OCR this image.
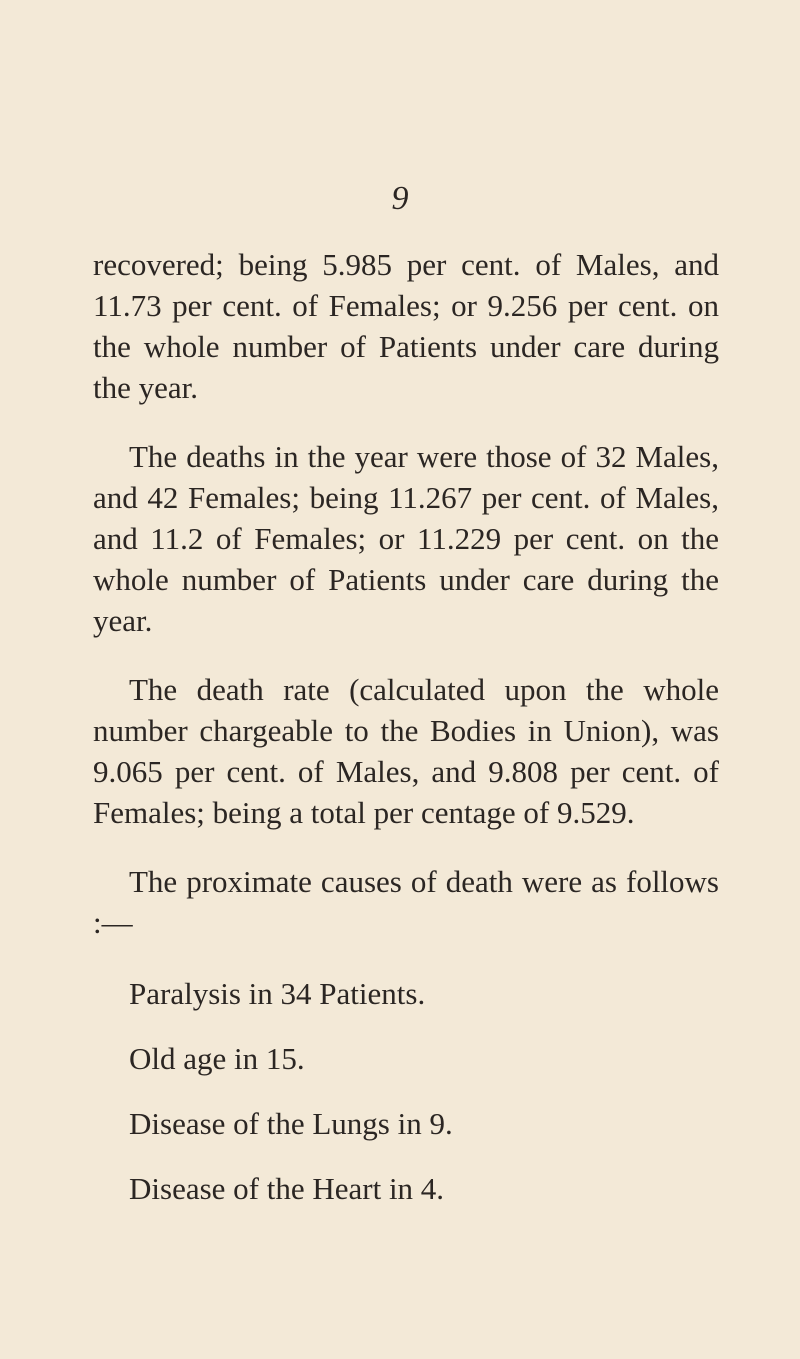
9

recovered; being 5.985 per cent. of Males, and 11.73 per cent. of Females; or 9.256 per cent. on the whole number of Patients under care during the year.

The deaths in the year were those of 32 Males, and 42 Females; being 11.267 per cent. of Males, and 11.2 of Females; or 11.229 per cent. on the whole number of Patients under care during the year.

The death rate (calculated upon the whole number chargeable to the Bodies in Union), was 9.065 per cent. of Males, and 9.808 per cent. of Females; being a total per centage of 9.529.

The proximate causes of death were as follows :—

Paralysis in 34 Patients.
Old age in 15.
Disease of the Lungs in 9.
Disease of the Heart in 4.
